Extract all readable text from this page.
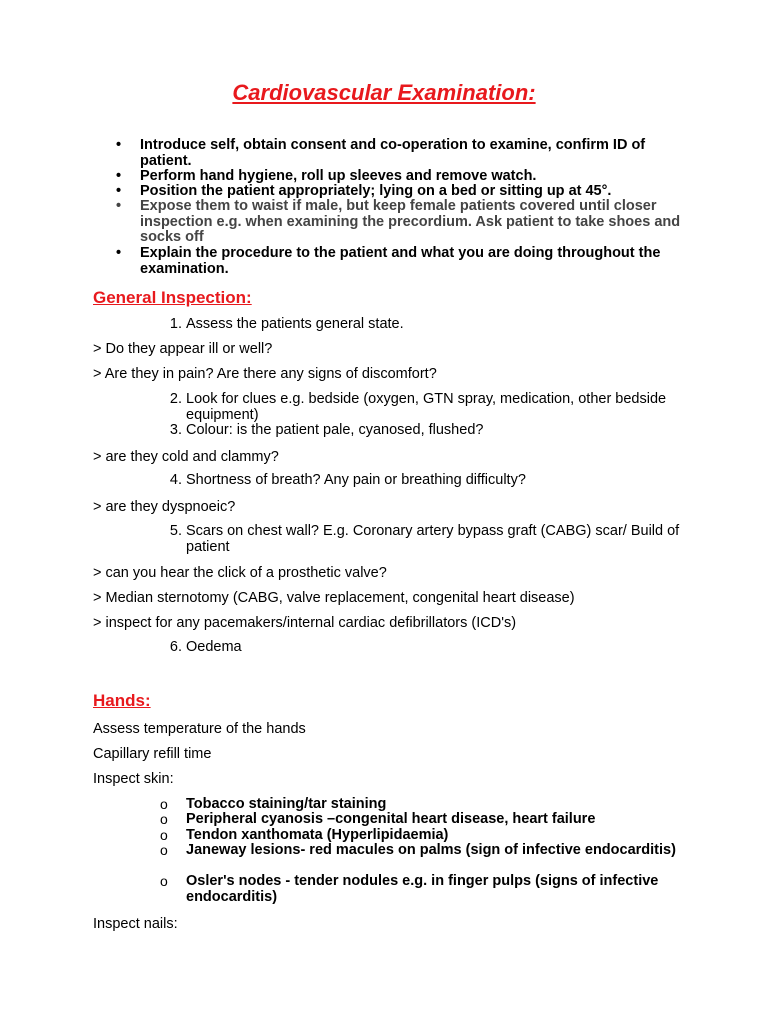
Cardiovascular Examination:
•	Introduce self, obtain consent and co-operation to examine, confirm ID of patient.
•	Perform hand hygiene, roll up sleeves and remove watch.
•	Position the patient appropriately; lying on a bed or sitting up at 45°.
•	Expose them to waist if male, but keep female patients covered until closer inspection e.g. when examining the precordium. Ask patient to take shoes and socks off
•	Explain the procedure to the patient and what you are doing throughout the examination.
General Inspection:
1. Assess the patients general state.
> Do they appear ill or well?
> Are they in pain? Are there any signs of discomfort?
2. Look for clues e.g. bedside (oxygen, GTN spray, medication, other bedside equipment)
3. Colour: is the patient pale, cyanosed, flushed?
> are they cold and clammy?
4. Shortness of breath? Any pain or breathing difficulty?
> are they dyspnoeic?
5. Scars on chest wall? E.g. Coronary artery bypass graft (CABG) scar/ Build of patient
> can you hear the click of a prosthetic valve?
> Median sternotomy (CABG, valve replacement, congenital heart disease)
> inspect for any pacemakers/internal cardiac defibrillators (ICD's)
6. Oedema
Hands:
Assess temperature of the hands
Capillary refill time
Inspect skin:
o Tobacco staining/tar staining
o Peripheral cyanosis –congenital heart disease, heart failure
o Tendon xanthomata (Hyperlipidaemia)
o Janeway lesions- red macules on palms (sign of infective endocarditis)
o Osler's nodes - tender nodules e.g. in finger pulps (signs of infective endocarditis)
Inspect nails:
